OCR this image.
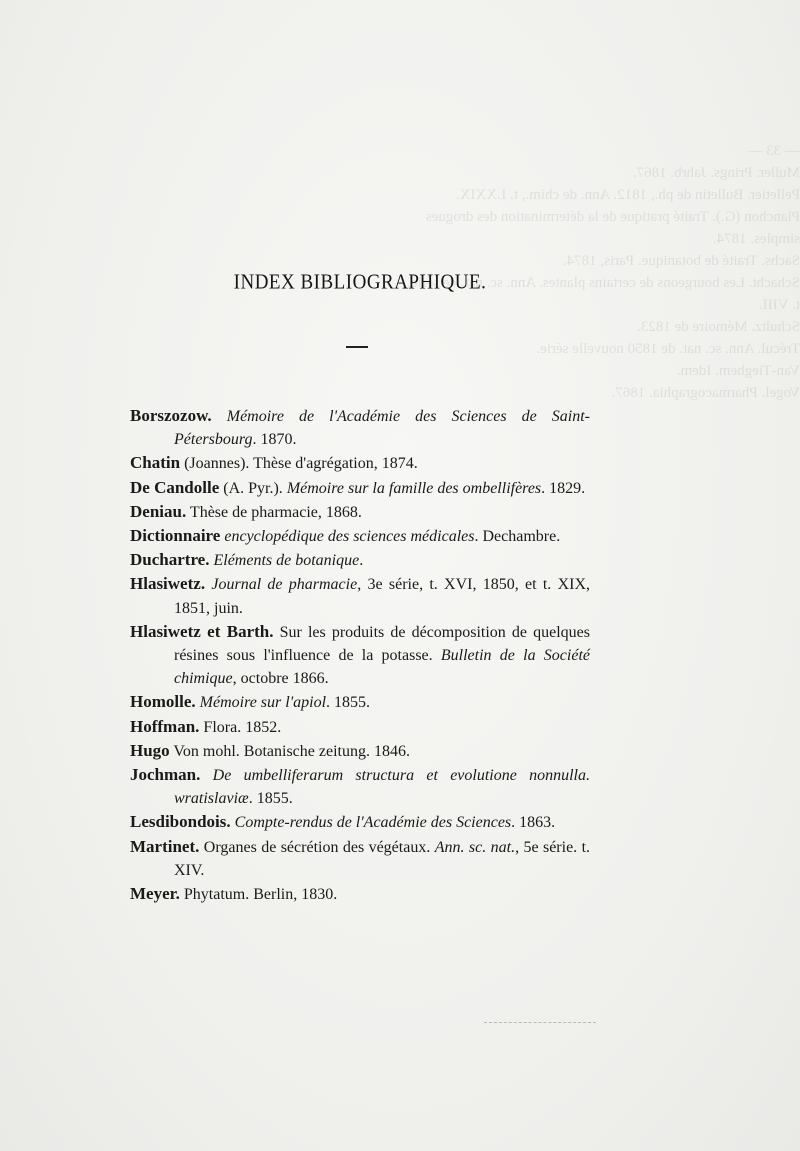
— 33 —
Muller. Prings. Jahrb. 1867.
Pelletier. Bulletin de ph., 1812. Ann. de chim., t. LXXIX.
Planchon (G.). Traité pratique de la détermination des drogues
simples. 1874.
Sachs. Traité de botanique. Paris, 1874.
Schacht. Les bourgeons de certains plantes. Ann. sc. nat. 4e série,
t. VIII.
Schultz. Mémoire de 1823.
Trécul. Ann. sc. nat. de 1850 nouvelle série.
Van-Tieghem. Idem.
Vogel. Pharmacographia. 1867.
INDEX BIBLIOGRAPHIQUE.
Borszozow. Mémoire de l'Académie des Sciences de Saint-Pétersbourg. 1870.
Chatin (Joannes). Thèse d'agrégation, 1874.
De Candolle (A. Pyr.). Mémoire sur la famille des ombellifères. 1829.
Deniau. Thèse de pharmacie, 1868.
Dictionnaire encyclopédique des sciences médicales. Dechambre.
Duchartre. Eléments de botanique.
Hlasiwetz. Journal de pharmacie, 3e série, t. XVI, 1850, et t. XIX, 1851, juin.
Hlasiwetz et Barth. Sur les produits de décomposition de quelques résines sous l'influence de la potasse. Bulletin de la Société chimique, octobre 1866.
Homolle. Mémoire sur l'apiol. 1855.
Hoffman. Flora. 1852.
Hugo Von mohl. Botanische zeitung. 1846.
Jochman. De umbelliferarum structura et evolutione nonnulla. wratislaviæ. 1855.
Lesdibondois. Compte-rendus de l'Académie des Sciences. 1863.
Martinet. Organes de sécrétion des végétaux. Ann. sc. nat., 5e série. t. XIV.
Meyer. Phytatum. Berlin, 1830.
